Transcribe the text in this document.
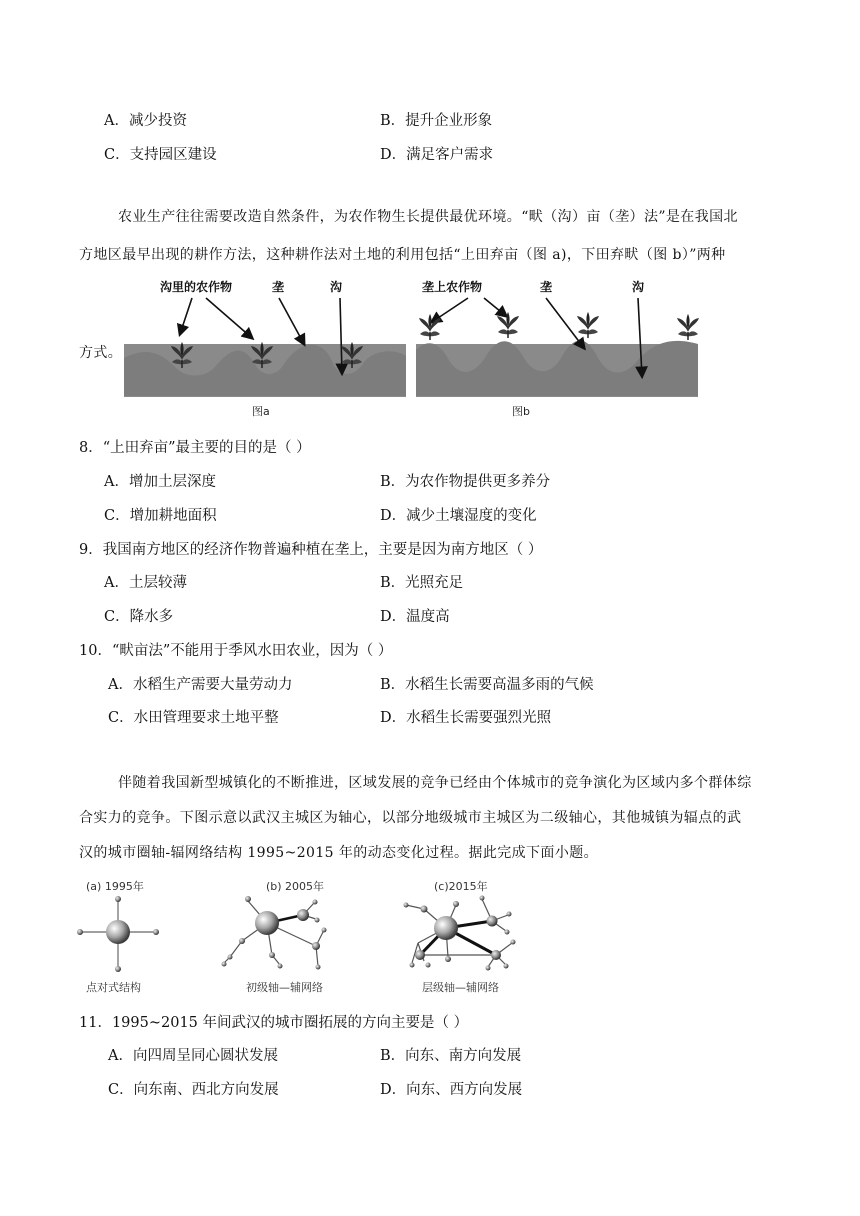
A．减少投资	B．提升企业形象
C．支持园区建设	D．满足客户需求
农业生产往往需要改造自然条件，为农作物生长提供最优环境。“畎（沟）亩（垄）法”是在我国北
方地区最早出现的耕作方法，这种耕作法对土地的利用包括“上田弃亩（图 a)，下田弃畎（图 b）”两种
方式。
沟里的农作物	垄	沟
图a
垄上农作物	垄	沟
图b
8．“上田弃亩”最主要的目的是（ ）
A．增加土层深度	B．为农作物提供更多养分
C．增加耕地面积	D．减少土壤湿度的变化
9．我国南方地区的经济作物普遍种植在垄上，主要是因为南方地区（ ）
A．土层较薄	B．光照充足
C．降水多	D．温度高
10．“畎亩法”不能用于季风水田农业，因为（ ）
A．水稻生产需要大量劳动力	B．水稻生长需要高温多雨的气候
C．水田管理要求土地平整	D．水稻生长需要强烈光照
伴随着我国新型城镇化的不断推进，区域发展的竞争已经由个体城市的竞争演化为区域内多个群体综
合实力的竞争。下图示意以武汉主城区为轴心，以部分地级城市主城区为二级轴心，其他城镇为辐点的武
汉的城市圈轴-辐网络结构 1995~2015 年的动态变化过程。据此完成下面小题。
(a) 1995年	(b) 2005年	(c)2015年
点对式结构	初级轴—辅网络	层级轴—辅网络
11．1995~2015 年间武汉的城市圈拓展的方向主要是（ ）
A．向四周呈同心圆状发展	B．向东、南方向发展
C．向东南、西北方向发展	D．向东、西方向发展
